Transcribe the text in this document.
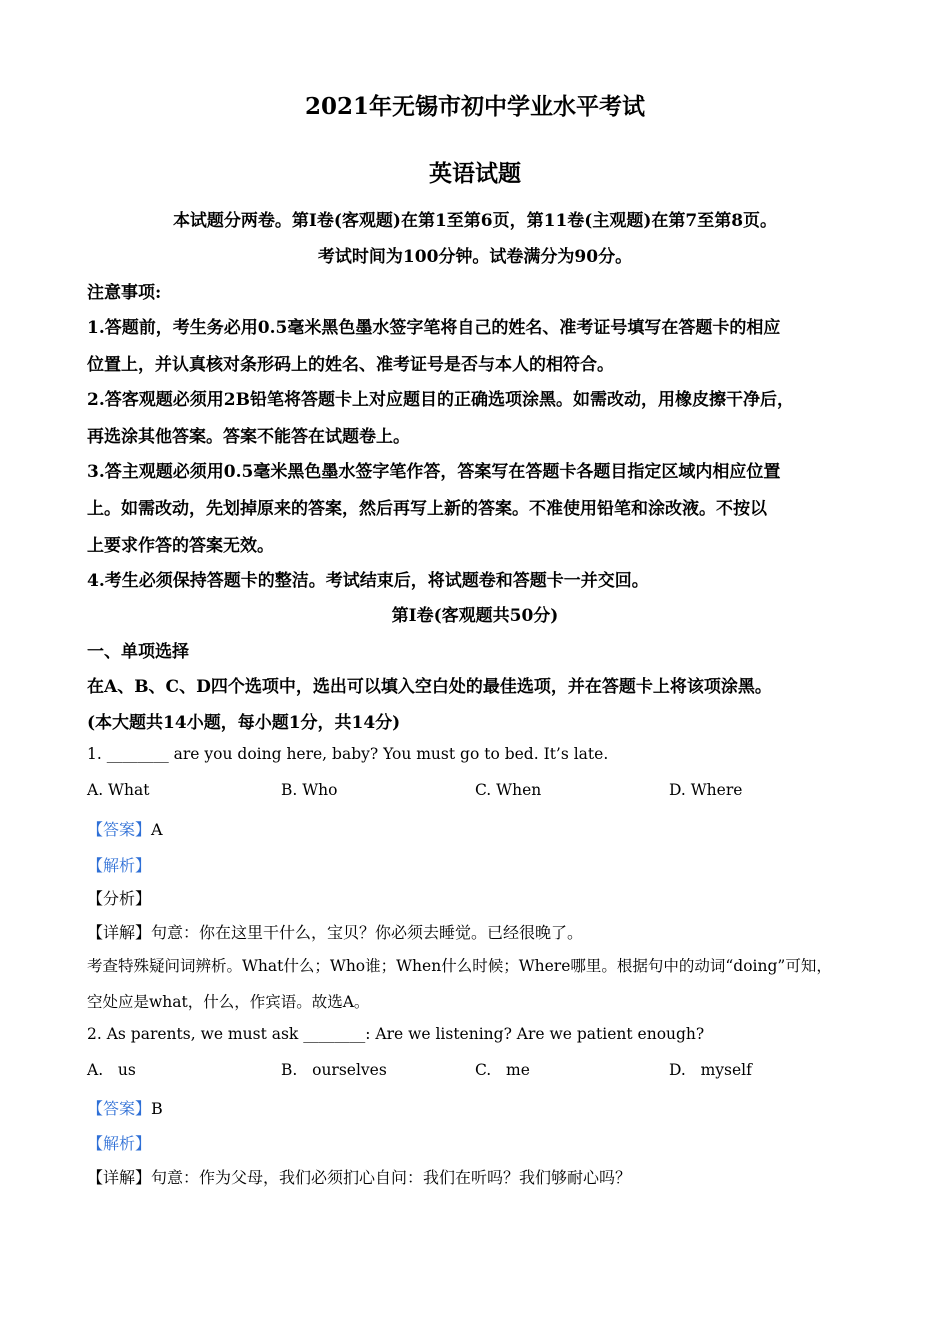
2021年无锡市初中学业水平考试
英语试题
本试题分两卷。第I卷(客观题)在第1至第6页，第11卷(主观题)在第7至第8页。
考试时间为100分钟。试卷满分为90分。
注意事项:
1.答题前，考生务必用0.5毫米黑色墨水签字笔将自己的姓名、准考证号填写在答题卡的相应
位置上，并认真核对条形码上的姓名、准考证号是否与本人的相符合。
2.答客观题必须用2B铅笔将答题卡上对应题目的正确选项涂黑。如需改动，用橡皮擦干净后，
再选涂其他答案。答案不能答在试题卷上。
3.答主观题必须用0.5毫米黑色墨水签字笔作答，答案写在答题卡各题目指定区域内相应位置
上。如需改动，先划掉原来的答案，然后再写上新的答案。不准使用铅笔和涂改液。不按以
上要求作答的答案无效。
4.考生必须保持答题卡的整洁。考试结束后，将试题卷和答题卡一并交回。
第I卷(客观题共50分)
一、单项选择
在A、B、C、D四个选项中，选出可以填入空白处的最佳选项，并在答题卡上将该项涂黑。
(本大题共14小题，每小题1分，共14分)
1. ________ are you doing here, baby? You must go to bed. It’s late.
A. What	B. Who	C. When	D. Where
【答案】A
【解析】
【分析】
【详解】句意：你在这里干什么，宝贝？你必须去睡觉。已经很晚了。
考查特殊疑问词辨析。What什么；Who谁；When什么时候；Where哪里。根据句中的动词“doing”可知，
空处应是what，什么，作宾语。故选A。
2. As parents, we must ask ________: Are we listening? Are we patient enough?
A.   us	B.   ourselves	C.   me	D.   myself
【答案】B
【解析】
【详解】句意：作为父母，我们必须扪心自问：我们在听吗？我们够耐心吗？
